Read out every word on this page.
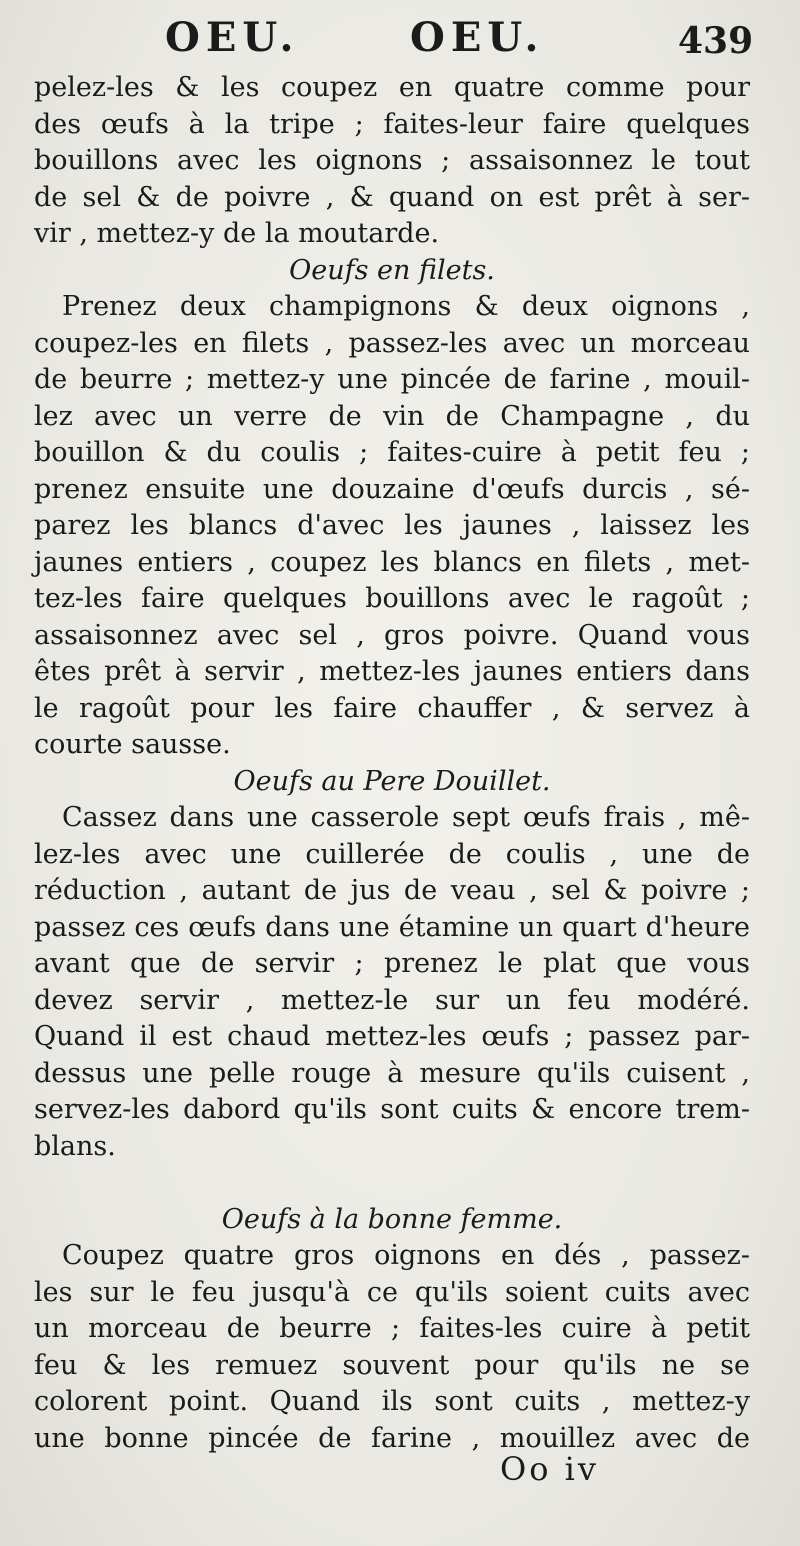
OEU.	OEU.	439
pelez-les & les coupez en quatre comme pour
des œufs à la tripe ; faites-leur faire quelques
bouillons avec les oignons ; assaisonnez le tout
de sel & de poivre , & quand on est prêt à ser-
vir , mettez-y de la moutarde.
Oeufs en filets.
Prenez deux champignons & deux oignons ,
coupez-les en filets , passez-les avec un morceau
de beurre ; mettez-y une pincée de farine , mouil-
lez avec un verre de vin de Champagne , du
bouillon & du coulis ; faites-cuire à petit feu ;
prenez ensuite une douzaine d'œufs durcis , sé-
parez les blancs d'avec les jaunes , laissez les
jaunes entiers , coupez les blancs en filets , met-
tez-les faire quelques bouillons avec le ragoût ;
assaisonnez avec sel , gros poivre. Quand vous
êtes prêt à servir , mettez-les jaunes entiers dans
le ragoût pour les faire chauffer , & servez à
courte sausse.
Oeufs au Pere Douillet.
Cassez dans une casserole sept œufs frais , mê-
lez-les avec une cuillerée de coulis , une de
réduction , autant de jus de veau , sel & poivre ;
passez ces œufs dans une étamine un quart d'heure
avant que de servir ; prenez le plat que vous
devez servir , mettez-le sur un feu modéré.
Quand il est chaud mettez-les œufs ; passez par-
dessus une pelle rouge à mesure qu'ils cuisent ,
servez-les dabord qu'ils sont cuits & encore trem-
blans.
Oeufs à la bonne femme.
Coupez quatre gros oignons en dés , passez-
les sur le feu jusqu'à ce qu'ils soient cuits avec
un morceau de beurre ; faites-les cuire à petit
feu & les remuez souvent pour qu'ils ne se
colorent point. Quand ils sont cuits , mettez-y
une bonne pincée de farine , mouillez avec de
Oo iv
